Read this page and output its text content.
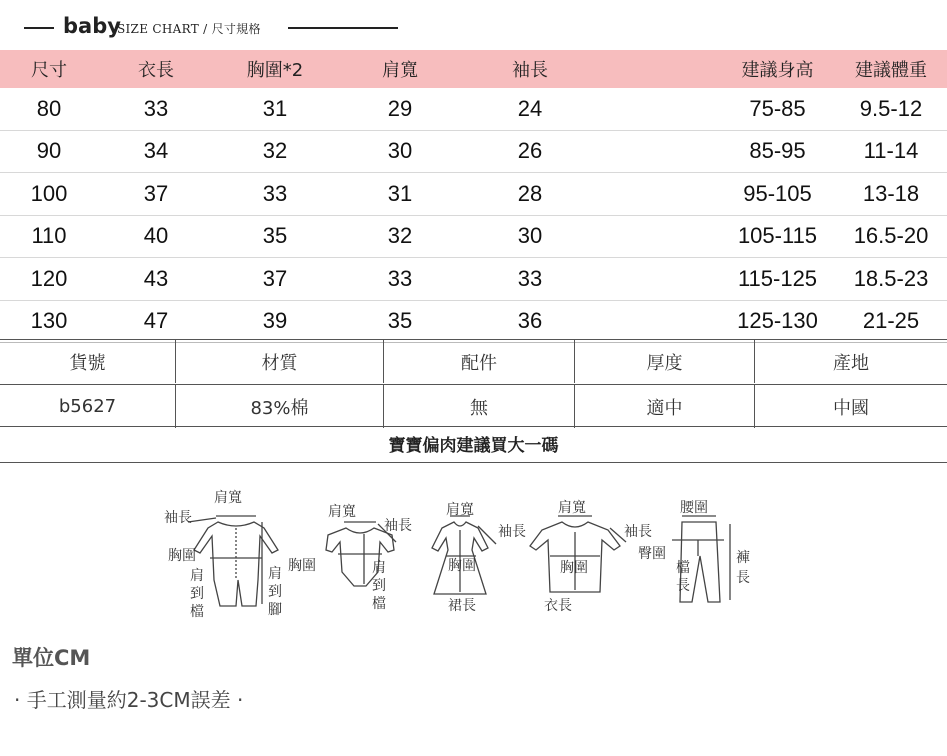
baby
SIZE CHART / 尺寸規格
尺寸	衣長	胸圍*2	肩寬	袖長	建議身高	建議體重
80	33	31	29	24	75-85	9.5-12
90	34	32	30	26	85-95	11-14
100	37	33	31	28	95-105	13-18
110	40	35	32	30	105-115	16.5-20
120	43	37	33	33	115-125	18.5-23
130	47	39	35	36	125-130	21-25
貨號	材質	配件	厚度	產地
b5627	83%棉	無	適中	中國
寶寶偏肉建議買大一碼
肩寬
袖長
胸圍
肩
到
檔
肩
到
腳
肩寬
袖長
胸圍	肩
到
檔
肩寬
袖長
胸圍
裙長
肩寬
袖長
胸圍
衣長
腰圍
臀圍
檔
長
褲
長
單位CM
· 手工測量約2-3CM誤差 ·
